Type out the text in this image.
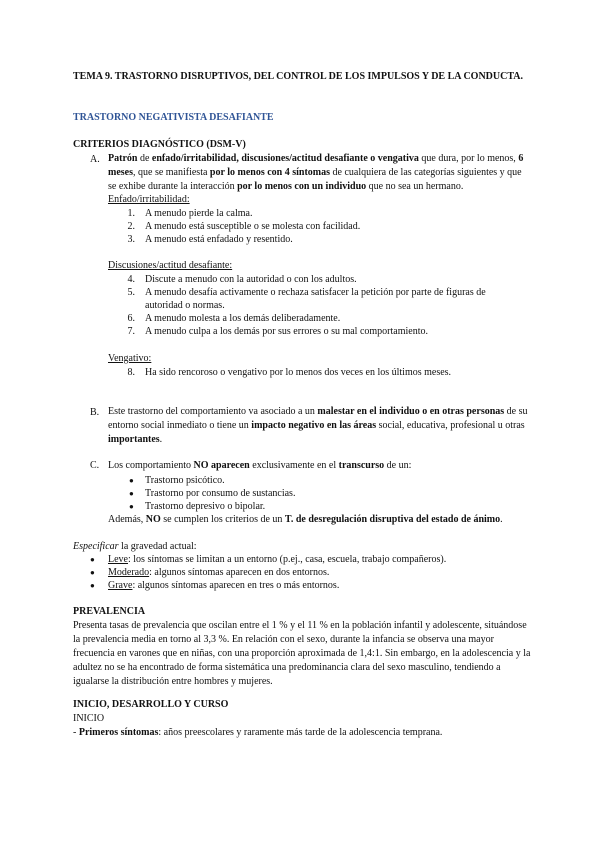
TEMA 9. TRASTORNO DISRUPTIVOS, DEL CONTROL DE LOS IMPULSOS Y DE LA CONDUCTA.
TRASTORNO NEGATIVISTA DESAFIANTE
CRITERIOS DIAGNÓSTICO (DSM-V)
A. Patrón de enfado/irritabilidad, discusiones/actitud desafiante o vengativa que dura, por lo menos, 6 meses, que se manifiesta por lo menos con 4 síntomas de cualquiera de las categorías siguientes y que se exhibe durante la interacción por lo menos con un individuo que no sea un hermano.
Enfado/irritabilidad:
1. A menudo pierde la calma.
2. A menudo está susceptible o se molesta con facilidad.
3. A menudo está enfadado y resentido.
Discusiones/actitud desafiante:
4. Discute a menudo con la autoridad o con los adultos.
5. A menudo desafía activamente o rechaza satisfacer la petición por parte de figuras de
autoridad o normas.
6. A menudo molesta a los demás deliberadamente.
7. A menudo culpa a los demás por sus errores o su mal comportamiento.
Vengativo:
8. Ha sido rencoroso o vengativo por lo menos dos veces en los últimos meses.
B. Este trastorno del comportamiento va asociado a un malestar en el individuo o en otras personas de su entorno social inmediato o tiene un impacto negativo en las áreas social, educativa, profesional u otras importantes.
C. Los comportamiento NO aparecen exclusivamente en el transcurso de un:
● Trastorno psicótico.
● Trastorno por consumo de sustancias.
● Trastorno depresivo o bipolar.
Además, NO se cumplen los criterios de un T. de desregulación disruptiva del estado de ánimo.
Especificar la gravedad actual:
● Leve: los síntomas se limitan a un entorno (p.ej., casa, escuela, trabajo compañeros).
● Moderado: algunos síntomas aparecen en dos entornos.
● Grave: algunos síntomas aparecen en tres o más entornos.
PREVALENCIA
Presenta tasas de prevalencia que oscilan entre el 1 % y el 11 % en la población infantil y adolescente, situándose la prevalencia media en torno al 3,3 %. En relación con el sexo, durante la infancia se observa una mayor frecuencia en varones que en niñas, con una proporción aproximada de 1,4:1. Sin embargo, en la adolescencia y la adultez no se ha encontrado de forma sistemática una predominancia clara del sexo masculino, tendiendo a igualarse la distribución entre hombres y mujeres.
INICIO, DESARROLLO Y CURSO
INICIO
- Primeros síntomas: años preescolares y raramente más tarde de la adolescencia temprana.
